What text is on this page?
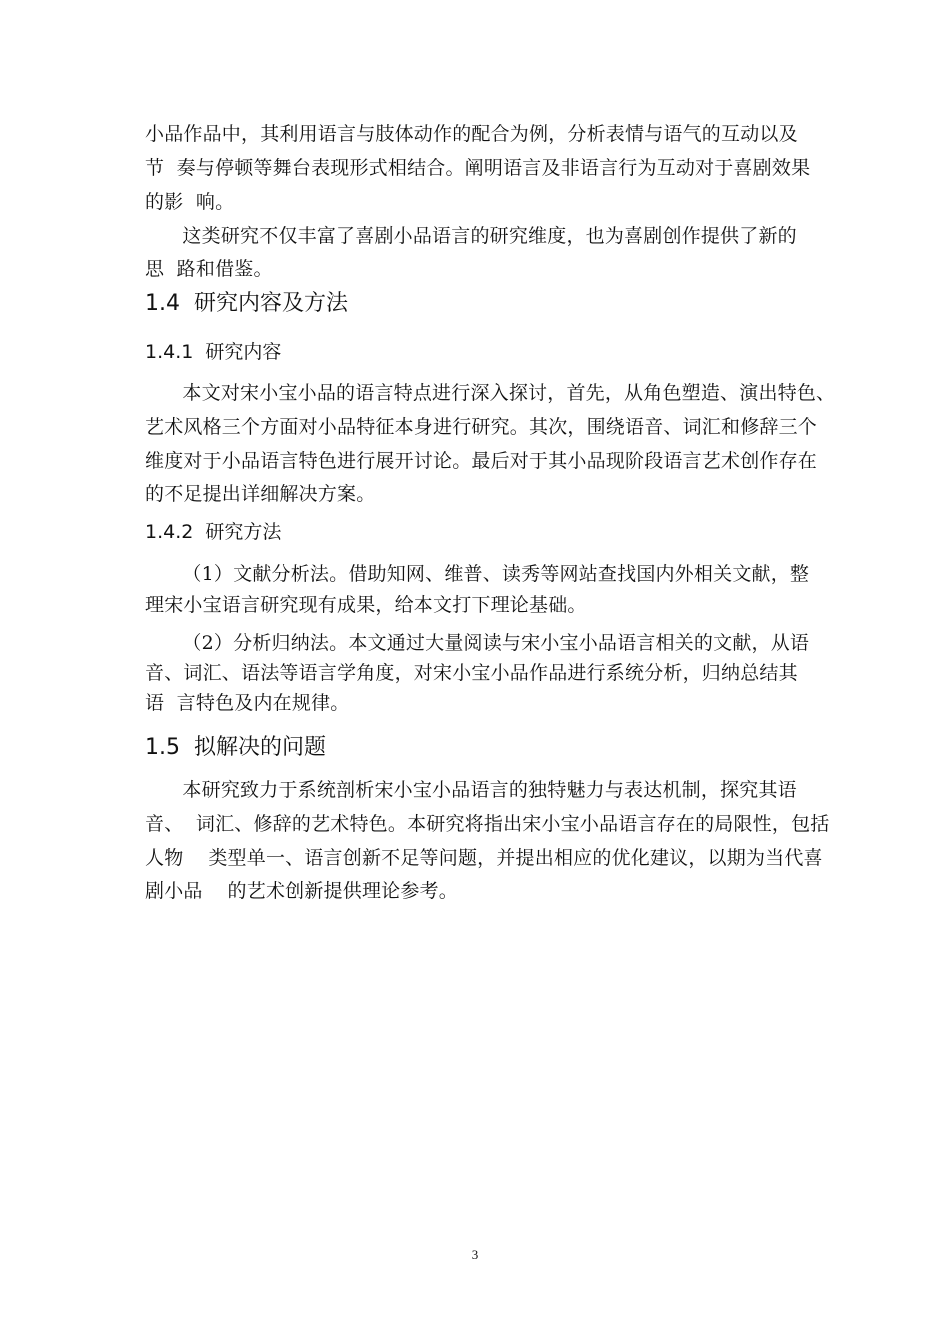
小品作品中，其利用语言与肢体动作的配合为例，分析表情与语气的互动以及
节  奏与停顿等舞台表现形式相结合。阐明语言及非语言行为互动对于喜剧效果
的影  响。
这类研究不仅丰富了喜剧小品语言的研究维度，也为喜剧创作提供了新的
思  路和借鉴。
1.4  研究内容及方法
1.4.1  研究内容
本文对宋小宝小品的语言特点进行深入探讨，首先，从角色塑造、演出特色、
艺术风格三个方面对小品特征本身进行研究。其次，围绕语音、词汇和修辞三个
维度对于小品语言特色进行展开讨论。最后对于其小品现阶段语言艺术创作存在
的不足提出详细解决方案。
1.4.2  研究方法
（1）文献分析法。借助知网、维普、读秀等网站查找国内外相关文献，整
理宋小宝语言研究现有成果，给本文打下理论基础。
（2）分析归纳法。本文通过大量阅读与宋小宝小品语言相关的文献，从语
音、词汇、语法等语言学角度，对宋小宝小品作品进行系统分析，归纳总结其
语  言特色及内在规律。
1.5  拟解决的问题
本研究致力于系统剖析宋小宝小品语言的独特魅力与表达机制，探究其语
音、  词汇、修辞的艺术特色。本研究将指出宋小宝小品语言存在的局限性，包括
人物    类型单一、语言创新不足等问题，并提出相应的优化建议，以期为当代喜
剧小品    的艺术创新提供理论参考。
3
